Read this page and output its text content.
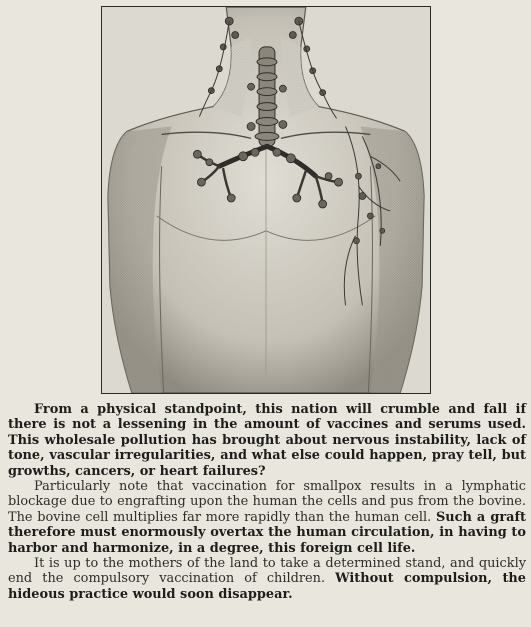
From a physical standpoint, this nation will crumble and fall if there is not a lessening in the amount of vaccines and serums used. This wholesale pollution has brought about nervous instability, lack of tone, vascular irregularities, and what else could happen, pray tell, but growths, cancers, or heart failures?

Particularly note that vaccination for smallpox results in a lymphatic blockage due to engrafting upon the human the cells and pus from the bovine. The bovine cell multiplies far more rapidly than the human cell. Such a graft therefore must enormously overtax the human circulation, in having to harbor and harmonize, in a degree, this foreign cell life.

It is up to the mothers of the land to take a determined stand, and quickly end the compulsory vaccination of children. Without compulsion, the hideous practice would soon disappear.
